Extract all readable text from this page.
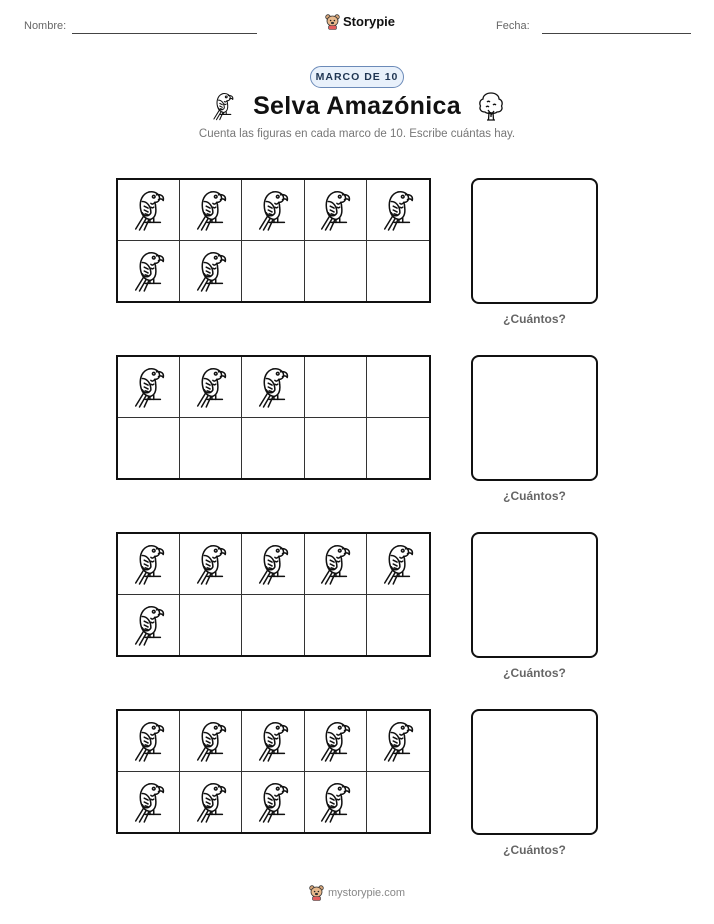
Nombre:	Storypie	Fecha:
MARCO DE 10
Selva Amazónica
Cuenta las figuras en cada marco de 10. Escribe cuántas hay.
¿Cuántos?
¿Cuántos?
¿Cuántos?
¿Cuántos?
mystorypie.com
